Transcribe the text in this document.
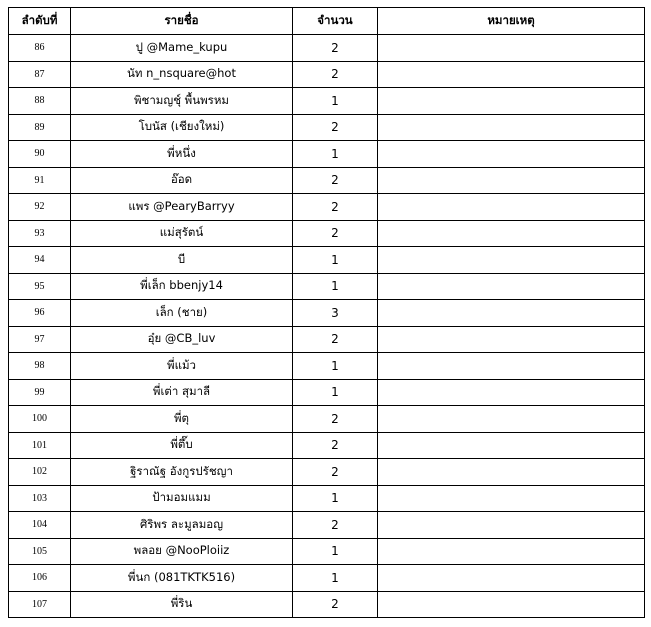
ลำดับที่	รายชื่อ	จำนวน	หมายเหตุ
86	ปู @Mame_kupu	2	
87	นัท n_nsquare@hot	2	
88	พิชามญชุ์ พื้นพรหม	1	
89	โบนัส (เชียงใหม่)	2	
90	พี่หนึ่ง	1	
91	อ๊อด	2	
92	แพร @PearyBarryy	2	
93	แม่สุรัตน์	2	
94	บี	1	
95	พี่เล็ก bbenjy14	1	
96	เล็ก (ชาย)	3	
97	อุ๋ย @CB_luv	2	
98	พี่แม้ว	1	
99	พี่เต่า สุมาลี	1	
100	พี่ตุ	2	
101	พี่ตึ๊บ	2	
102	ฐิราณัฐ อังกูรปรัชญา	2	
103	ป้ามอมแมม	1	
104	ศิริพร ละมูลมอญ	2	
105	พลอย @NooPloiiz	1	
106	พี่นก (081TKTK516)	1	
107	พี่ริน	2	
